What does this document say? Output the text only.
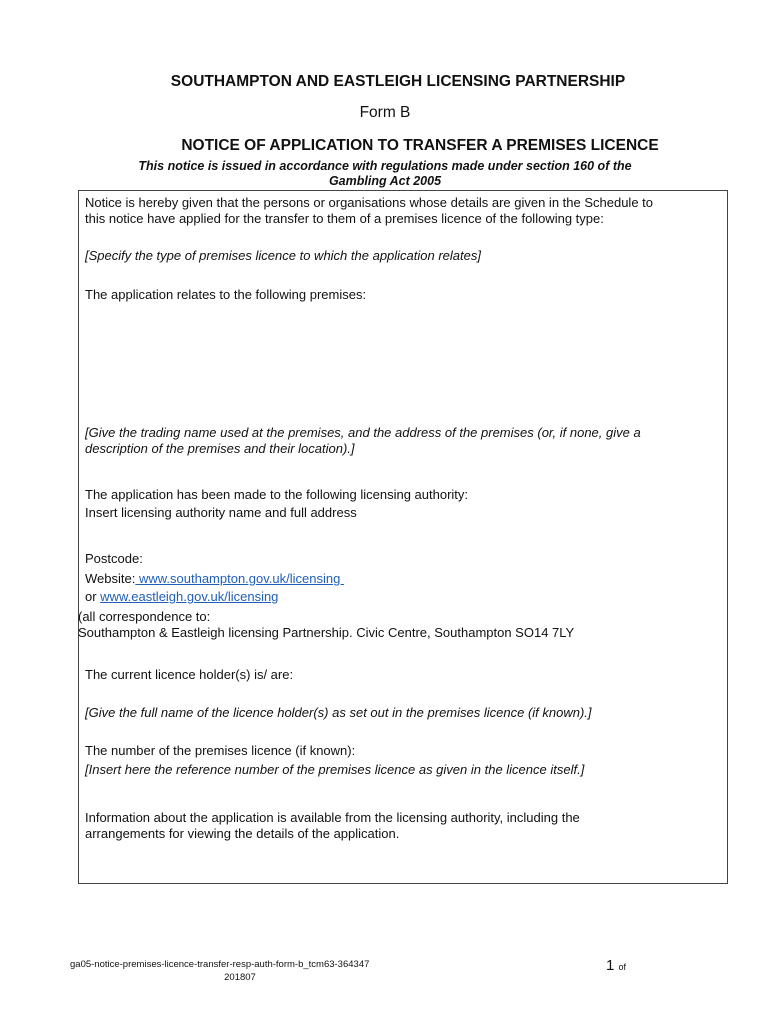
SOUTHAMPTON AND EASTLEIGH LICENSING PARTNERSHIP
Form B
NOTICE OF APPLICATION TO TRANSFER A PREMISES LICENCE
This notice is issued in accordance with regulations made under section 160 of the
Gambling Act 2005
Notice is hereby given that the persons or organisations whose details are given in the Schedule to
this notice have applied for the transfer to them of a premises licence of the following type:
[Specify the type of premises licence to which the application relates]
The application relates to the following premises:
[Give the trading name used at the premises, and the address of the premises (or, if none, give a
description of the premises and their location).]
The application has been made to the following licensing authority:
Insert licensing authority name and full address
Postcode:
Website: www.southampton.gov.uk/licensing
or www.eastleigh.gov.uk/licensing
(all correspondence to:
Southampton & Eastleigh licensing Partnership. Civic Centre, Southampton SO14 7LY
The current licence holder(s) is/ are:
[Give the full name of the licence holder(s) as set out in the premises licence (if known).]
The number of the premises licence (if known):
[Insert here the reference number of the premises licence as given in the licence itself.]
Information about the application is available from the licensing authority, including the
arrangements for viewing the details of the application.
ga05-notice-premises-licence-transfer-resp-auth-form-b_tcm63-364347
201807
1 of
